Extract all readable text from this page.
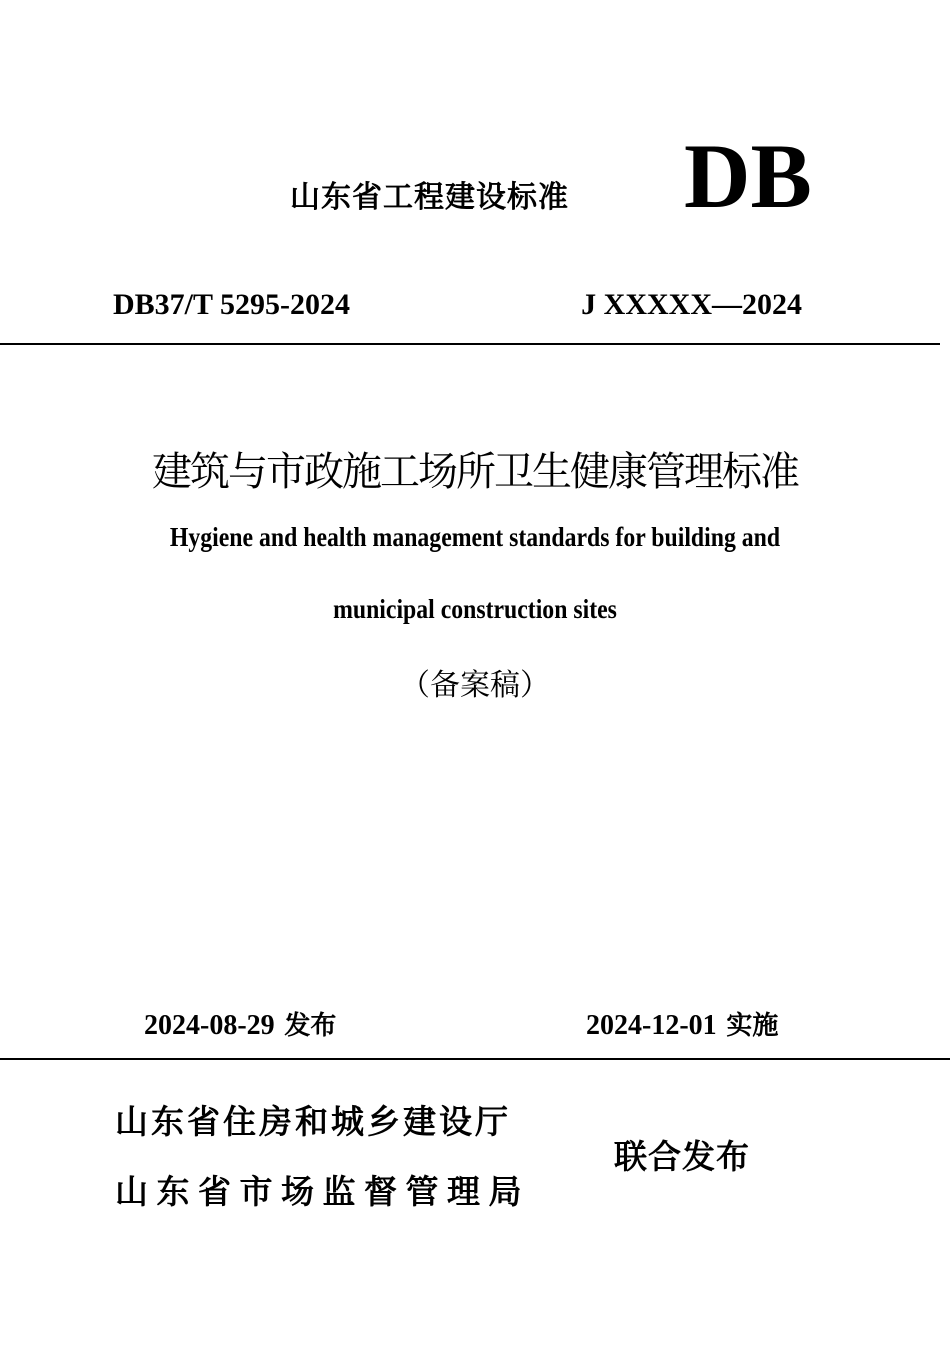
山东省工程建设标准 DB
DB37/T 5295-2024	J XXXXX—2024
建筑与市政施工场所卫生健康管理标准
Hygiene and health management standards for building and
municipal construction sites
（备案稿）
2024-08-29 发布	2024-12-01 实施
山东省住房和城乡建设厅
山东省市场监督管理局
联合发布
